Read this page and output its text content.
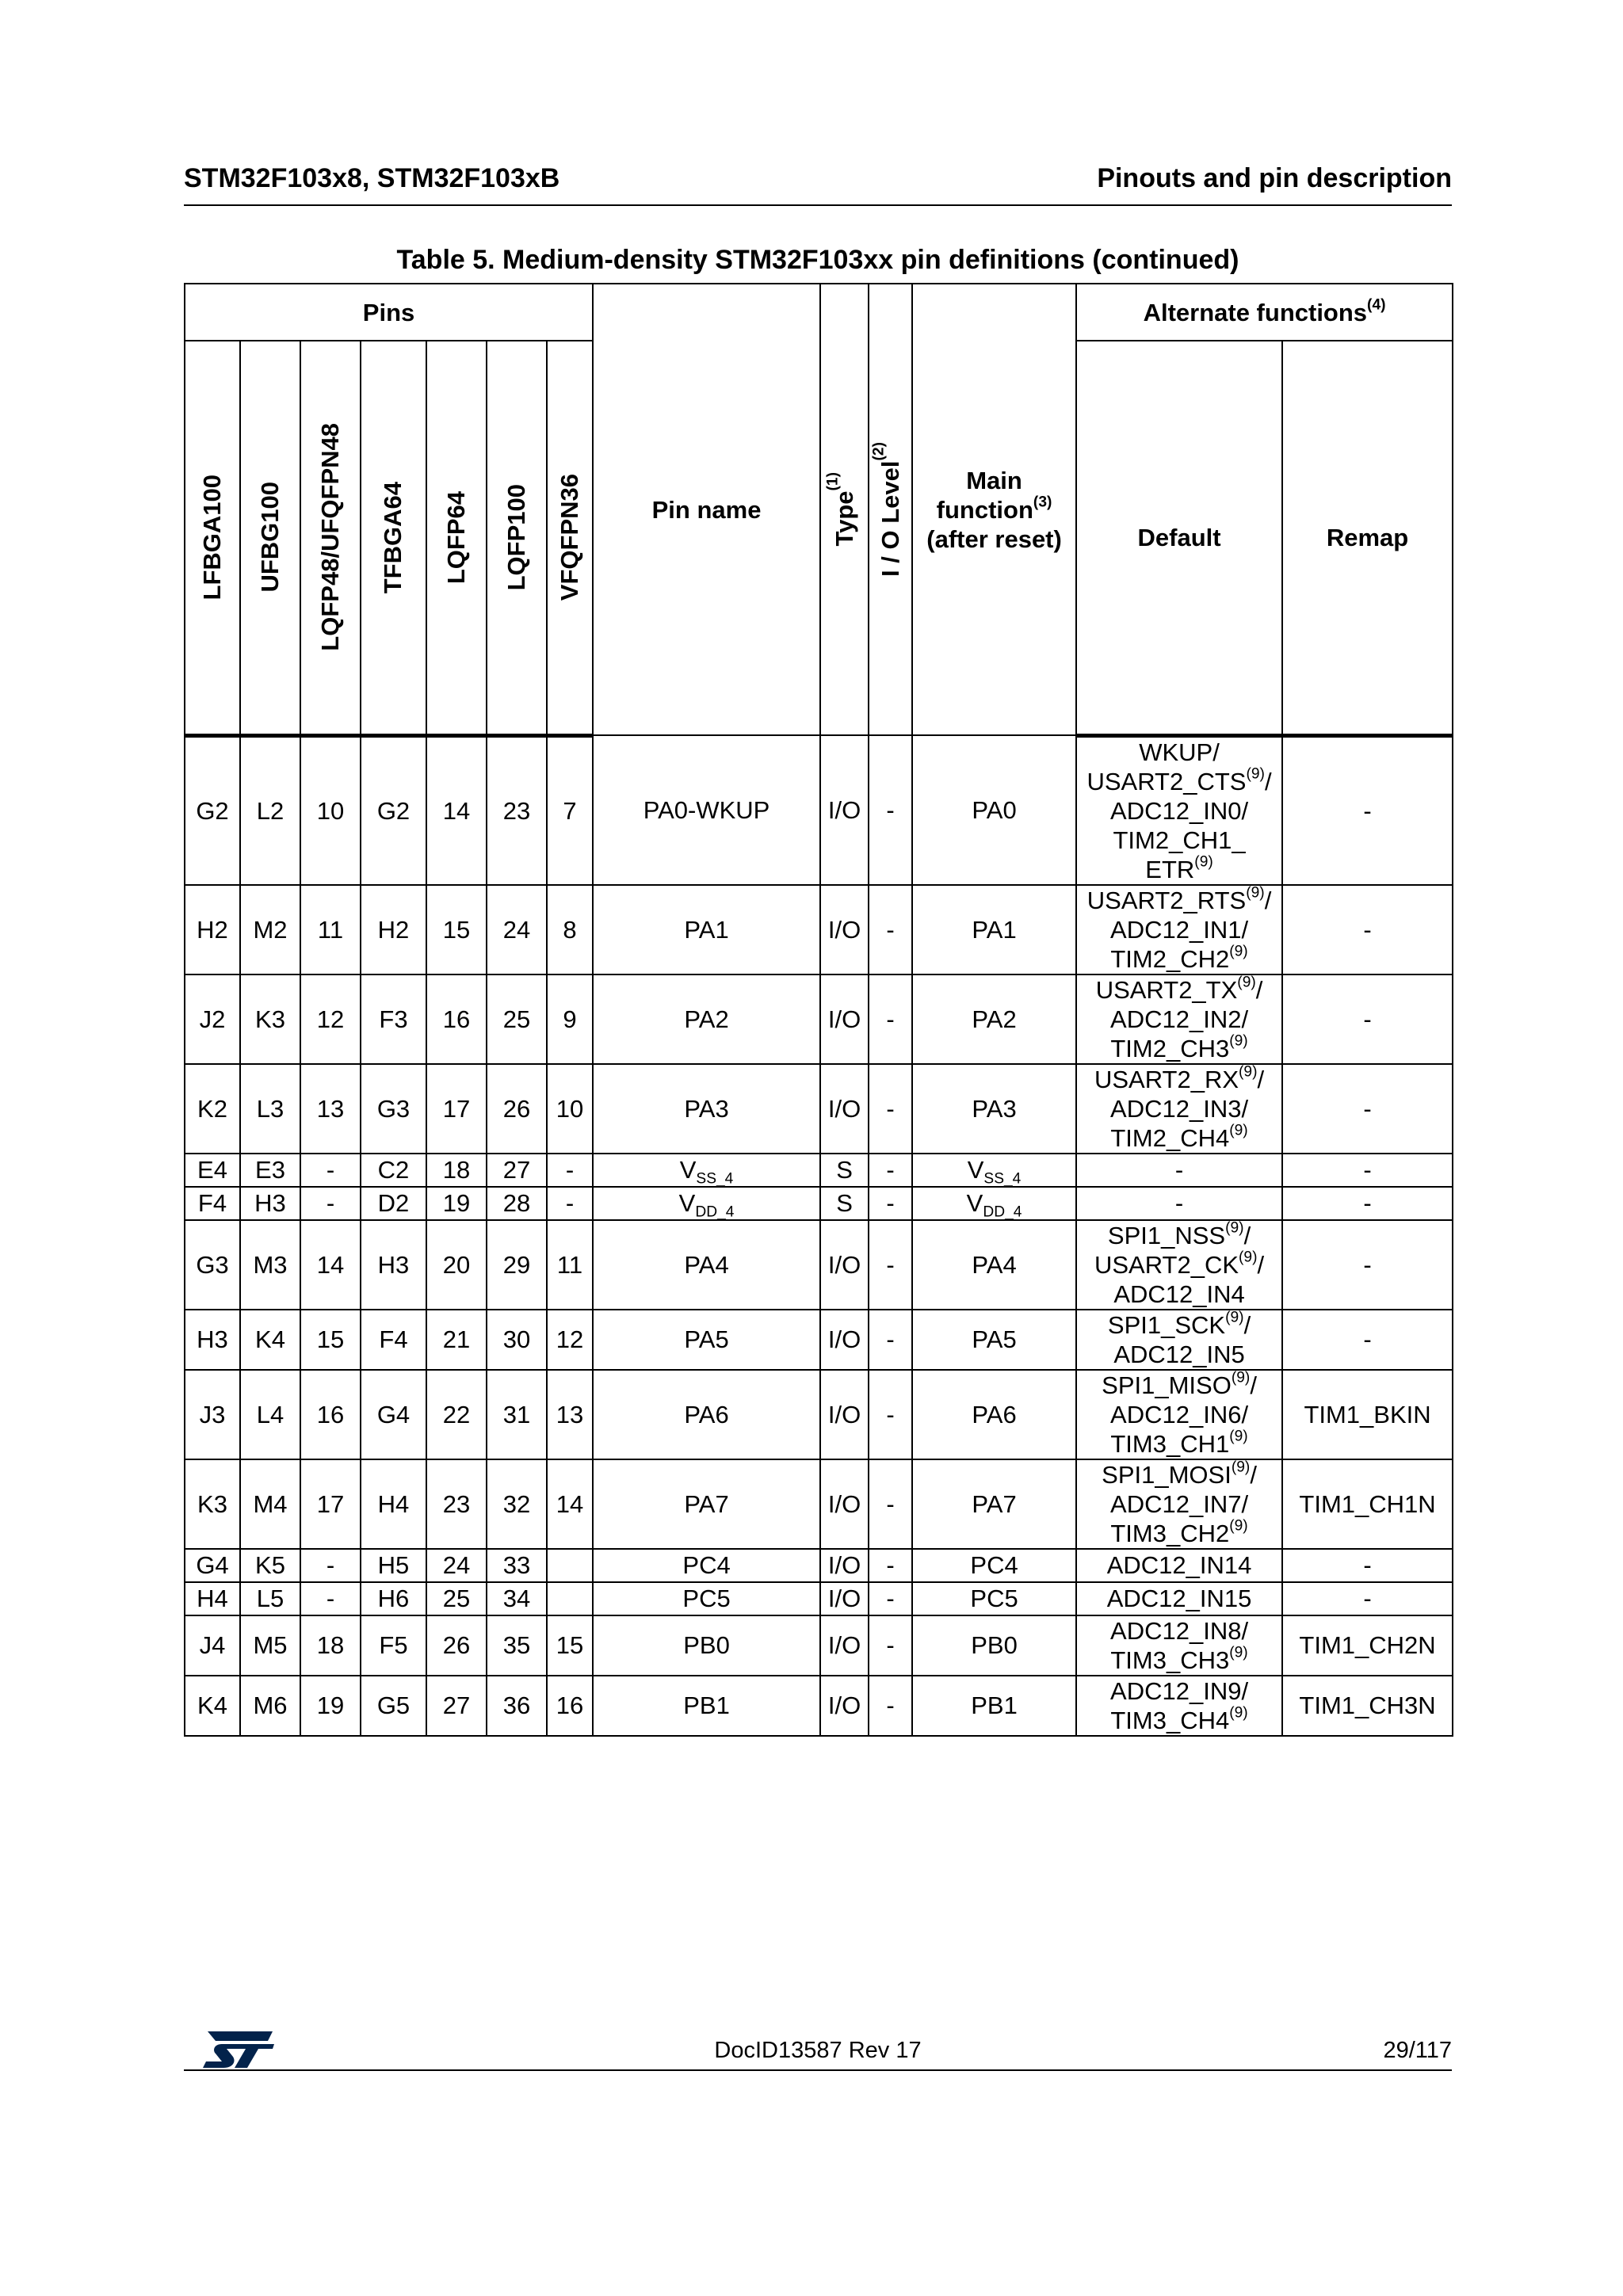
STM32F103x8, STM32F103xB	Pinouts and pin description
Table 5. Medium-density STM32F103xx pin definitions (continued)
Pins							Pin name	Type$^{(1)}$	I / O Level$^{(2)}$	Main
function$^{(3)}$
(after reset)	Alternate functions$^{(4)}$

LFBGA100	UFBG100	LQFP48/UFQFPN48	TFBGA64	LQFP64	LQFP100	VFQFPN36					Default	Remap
G2	L2	10	G2	14	23	7	PA0-WKUP	I/O	-	PA0	WKUP/
USART2_CTS$^{(9)}$/
ADC12_IN0/
TIM2_CH1_
ETR$^{(9)}$	-
H2	M2	11	H2	15	24	8	PA1	I/O	-	PA1	USART2_RTS$^{(9)}$/
ADC12_IN1/
TIM2_CH2$^{(9)}$	-
J2	K3	12	F3	16	25	9	PA2	I/O	-	PA2	USART2_TX$^{(9)}$/
ADC12_IN2/
TIM2_CH3$^{(9)}$	-
K2	L3	13	G3	17	26	10	PA3	I/O	-	PA3	USART2_RX$^{(9)}$/
ADC12_IN3/
TIM2_CH4$^{(9)}$	-
E4	E3	-	C2	18	27	-	$V_{SS\_4}$	S	-	$V_{SS\_4}$	-	-
F4	H3	-	D2	19	28	-	$V_{DD\_4}$	S	-	$V_{DD\_4}$	-	-
G3	M3	14	H3	20	29	11	PA4	I/O	-	PA4	SPI1_NSS$^{(9)}$/
USART2_CK$^{(9)}$/
ADC12_IN4	-
H3	K4	15	F4	21	30	12	PA5	I/O	-	PA5	SPI1_SCK$^{(9)}$/
ADC12_IN5	-
J3	L4	16	G4	22	31	13	PA6	I/O	-	PA6	SPI1_MISO$^{(9)}$/
ADC12_IN6/
TIM3_CH1$^{(9)}$	TIM1_BKIN
K3	M4	17	H4	23	32	14	PA7	I/O	-	PA7	SPI1_MOSI$^{(9)}$/
ADC12_IN7/
TIM3_CH2$^{(9)}$	TIM1_CH1N
G4	K5	-	H5	24	33		PC4	I/O	-	PC4	ADC12_IN14	-
H4	L5	-	H6	25	34		PC5	I/O	-	PC5	ADC12_IN15	-
J4	M5	18	F5	26	35	15	PB0	I/O	-	PB0	ADC12_IN8/
TIM3_CH3$^{(9)}$	TIM1_CH2N
K4	M6	19	G5	27	36	16	PB1	I/O	-	PB1	ADC12_IN9/
TIM3_CH4$^{(9)}$	TIM1_CH3N
DocID13587 Rev 17	29/117
